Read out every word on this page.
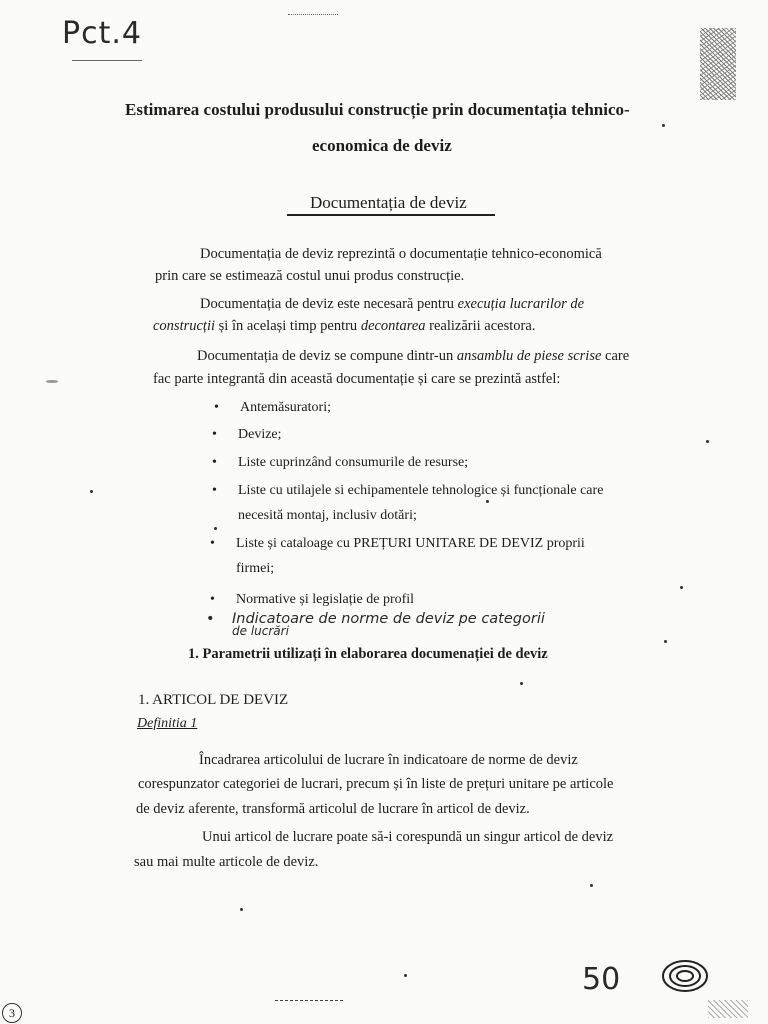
Pct.4
Estimarea costului produsului construcție prin documentația tehnico-
economica de deviz
Documentația de deviz
Documentația de deviz reprezintă o documentație tehnico-economică
prin care se estimează costul unui produs construcție.
Documentația de deviz este necesară pentru execuția lucrarilor de
construcții și în același timp pentru decontarea realizării acestora.
Documentația de deviz se compune dintr-un ansamblu de piese scrise care
fac parte integrantă din această documentație și care se prezintă astfel:
• Antemăsuratori;
• Devize;
• Liste cuprinzând consumurile de resurse;
• Liste cu utilajele si echipamentele tehnologice și funcționale care
necesită montaj, inclusiv dotări;
• Liste și cataloage cu PREȚURI UNITARE DE DEVIZ proprii
firmei;
• Normative și legislație de profil
• Indicatoare de norme de deviz pe categorii
de lucrări
1. Parametrii utilizați în elaborarea documenației de deviz
1. ARTICOL DE DEVIZ
Definitia 1
Încadrarea articolului de lucrare în indicatoare de norme de deviz
corespunzator categoriei de lucrari, precum și în liste de prețuri unitare pe articole
de deviz aferente, transformă articolul de lucrare în articol de deviz.
Unui articol de lucrare poate să-i corespundă un singur articol de deviz
sau mai multe articole de deviz.
50
3
